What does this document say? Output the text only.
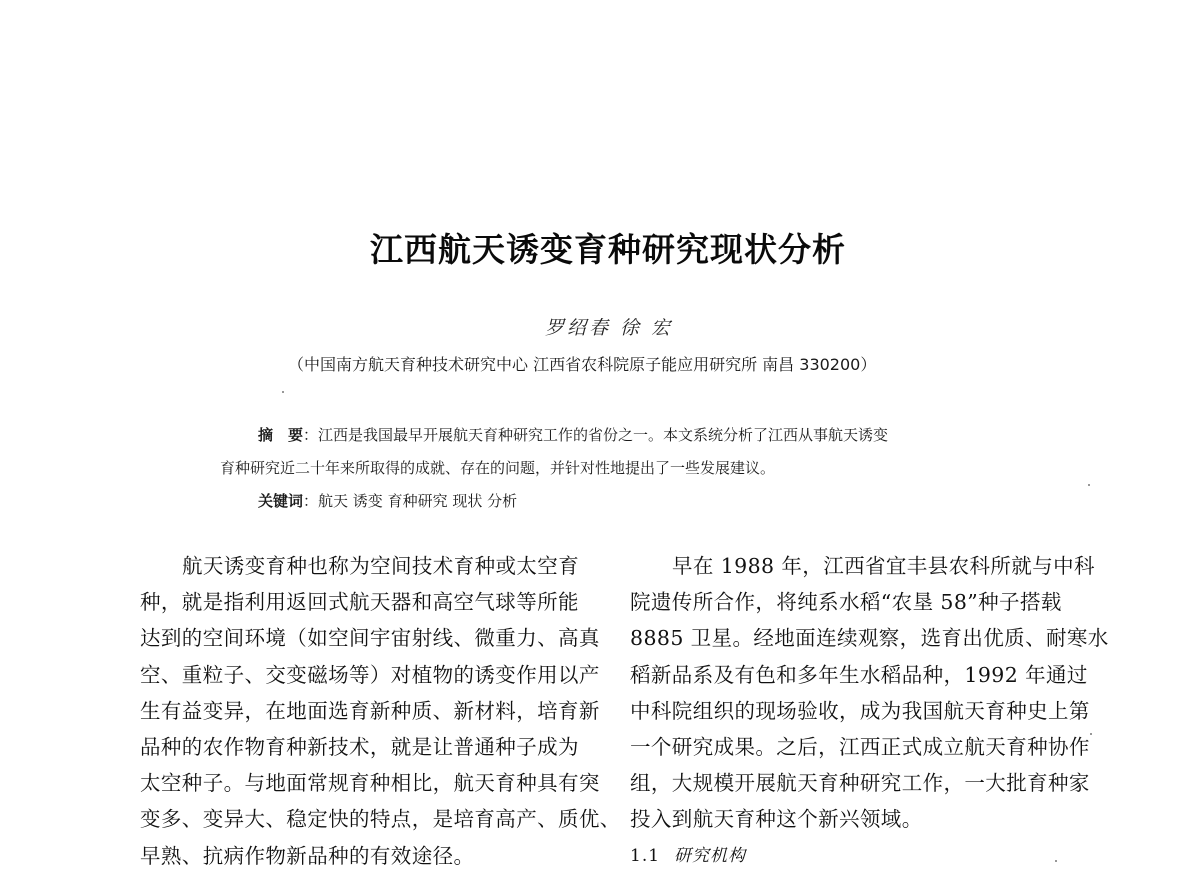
江西航天诱变育种研究现状分析
罗绍春 徐 宏
（中国南方航天育种技术研究中心 江西省农科院原子能应用研究所 南昌 330200）
摘　要：江西是我国最早开展航天育种研究工作的省份之一。本文系统分析了江西从事航天诱变
育种研究近二十年来所取得的成就、存在的问题，并针对性地提出了一些发展建议。
关键词：航天 诱变 育种研究 现状 分析
航天诱变育种也称为空间技术育种或太空育
种，就是指利用返回式航天器和高空气球等所能
达到的空间环境（如空间宇宙射线、微重力、高真
空、重粒子、交变磁场等）对植物的诱变作用以产
生有益变异，在地面选育新种质、新材料，培育新
品种的农作物育种新技术，就是让普通种子成为
太空种子。与地面常规育种相比，航天育种具有突
变多、变异大、稳定快的特点，是培育高产、质优、
早熟、抗病作物新品种的有效途径。
早在 1988 年，江西省宜丰县农科所就与中科
院遗传所合作，将纯系水稻“农垦 58”种子搭载
8885 卫星。经地面连续观察，选育出优质、耐寒水
稻新品系及有色和多年生水稻品种，1992 年通过
中科院组织的现场验收，成为我国航天育种史上第
一个研究成果。之后，江西正式成立航天育种协作
组，大规模开展航天育种研究工作，一大批育种家
投入到航天育种这个新兴领域。
1.1 研究机构
